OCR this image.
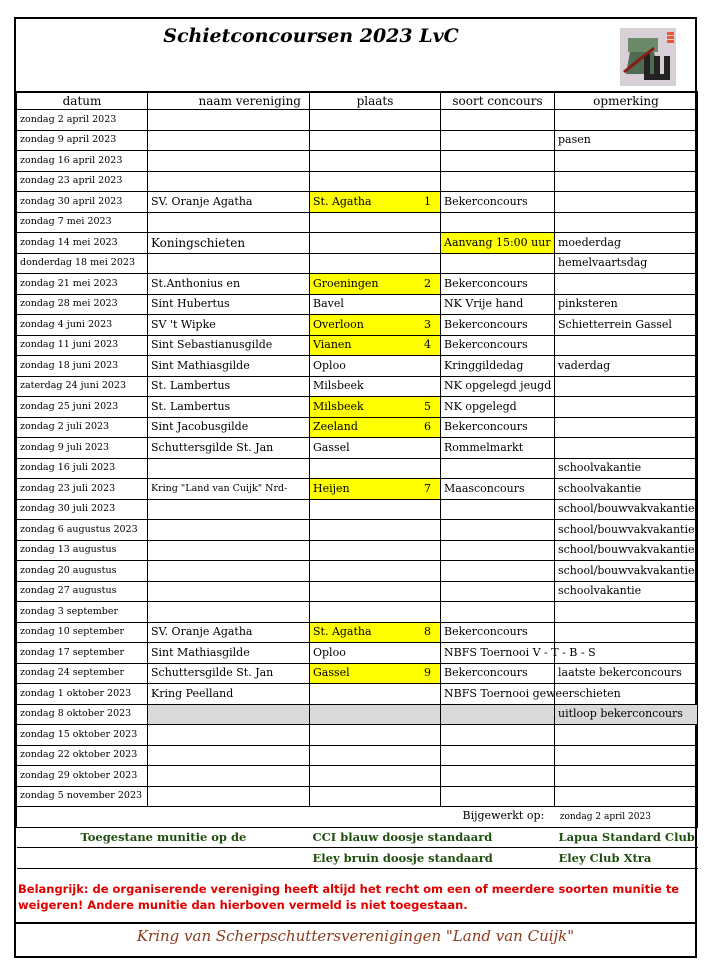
Schietconcoursen 2023 LvC
datum	naam vereniging	plaats	soort concours	opmerking
zondag 2 april 2023		

zondag 9 april 2023				pasen
zondag 16 april 2023		

zondag 23 april 2023		

zondag 30 april 2023	SV. Oranje Agatha	St. Agatha 1	Bekerconcours	
zondag 7 mei 2023		

zondag 14 mei 2023	Koningschieten		Aanvang 15:00 uur	moederdag
donderdag 18 mei 2023				hemelvaartsdag
zondag 21 mei 2023	St.Anthonius en	Groeningen 2	Bekerconcours	
zondag 28 mei 2023	Sint Hubertus	Bavel	NK Vrije hand	pinksteren
zondag 4 juni 2023	SV 't Wipke	Overloon 3	Bekerconcours	Schietterrein Gassel
zondag 11 juni 2023	Sint Sebastianusgilde	Vianen 4	Bekerconcours	
zondag 18 juni 2023	Sint Mathiasgilde	Oploo	Kringgildedag	vaderdag
zaterdag 24 juni 2023	St. Lambertus	Milsbeek	NK opgelegd jeugd	
zondag 25 juni 2023	St. Lambertus	Milsbeek 5	NK opgelegd	
zondag 2 juli 2023	Sint Jacobusgilde	Zeeland 6	Bekerconcours	
zondag 9 juli 2023	Schuttersgilde St. Jan	Gassel	Rommelmarkt	
zondag 16 juli 2023				schoolvakantie
zondag 23 juli 2023	Kring "Land van Cuijk" Nrd-	Heijen 7	Maasconcours	schoolvakantie
zondag 30 juli 2023				school/bouwvakvakantie
zondag 6 augustus 2023				school/bouwvakvakantie
zondag 13 augustus				school/bouwvakvakantie
zondag 20 augustus				school/bouwvakvakantie
zondag 27 augustus				schoolvakantie
zondag 3 september		

zondag 10 september	SV. Oranje Agatha	St. Agatha 8	Bekerconcours	
zondag 17 september	Sint Mathiasgilde	Oploo	NBFS Toernooi V - T - B - S	
zondag 24 september	Schuttersgilde St. Jan	Gassel 9	Bekerconcours	laatste bekerconcours
zondag 1 oktober 2023	Kring Peelland		NBFS Toernooi geweerschieten	
zondag 8 oktober 2023				uitloop bekerconcours
zondag 15 oktober 2023		

zondag 22 oktober 2023		

zondag 29 oktober 2023		

zondag 5 november 2023		

			Bijgewerkt op: zondag 2 april 2023	
Toegestane munitie op de		CCI blauw doosje standaard		Lapua Standard Club
		Eley bruin doosje standaard		Eley Club Xtra
Belangrijk: de organiserende vereniging heeft altijd het recht om een of meerdere soorten munitie te weigeren! Andere munitie dan hierboven vermeld is niet toegestaan.
Kring van Scherpschuttersverenigingen "Land van Cuijk"
